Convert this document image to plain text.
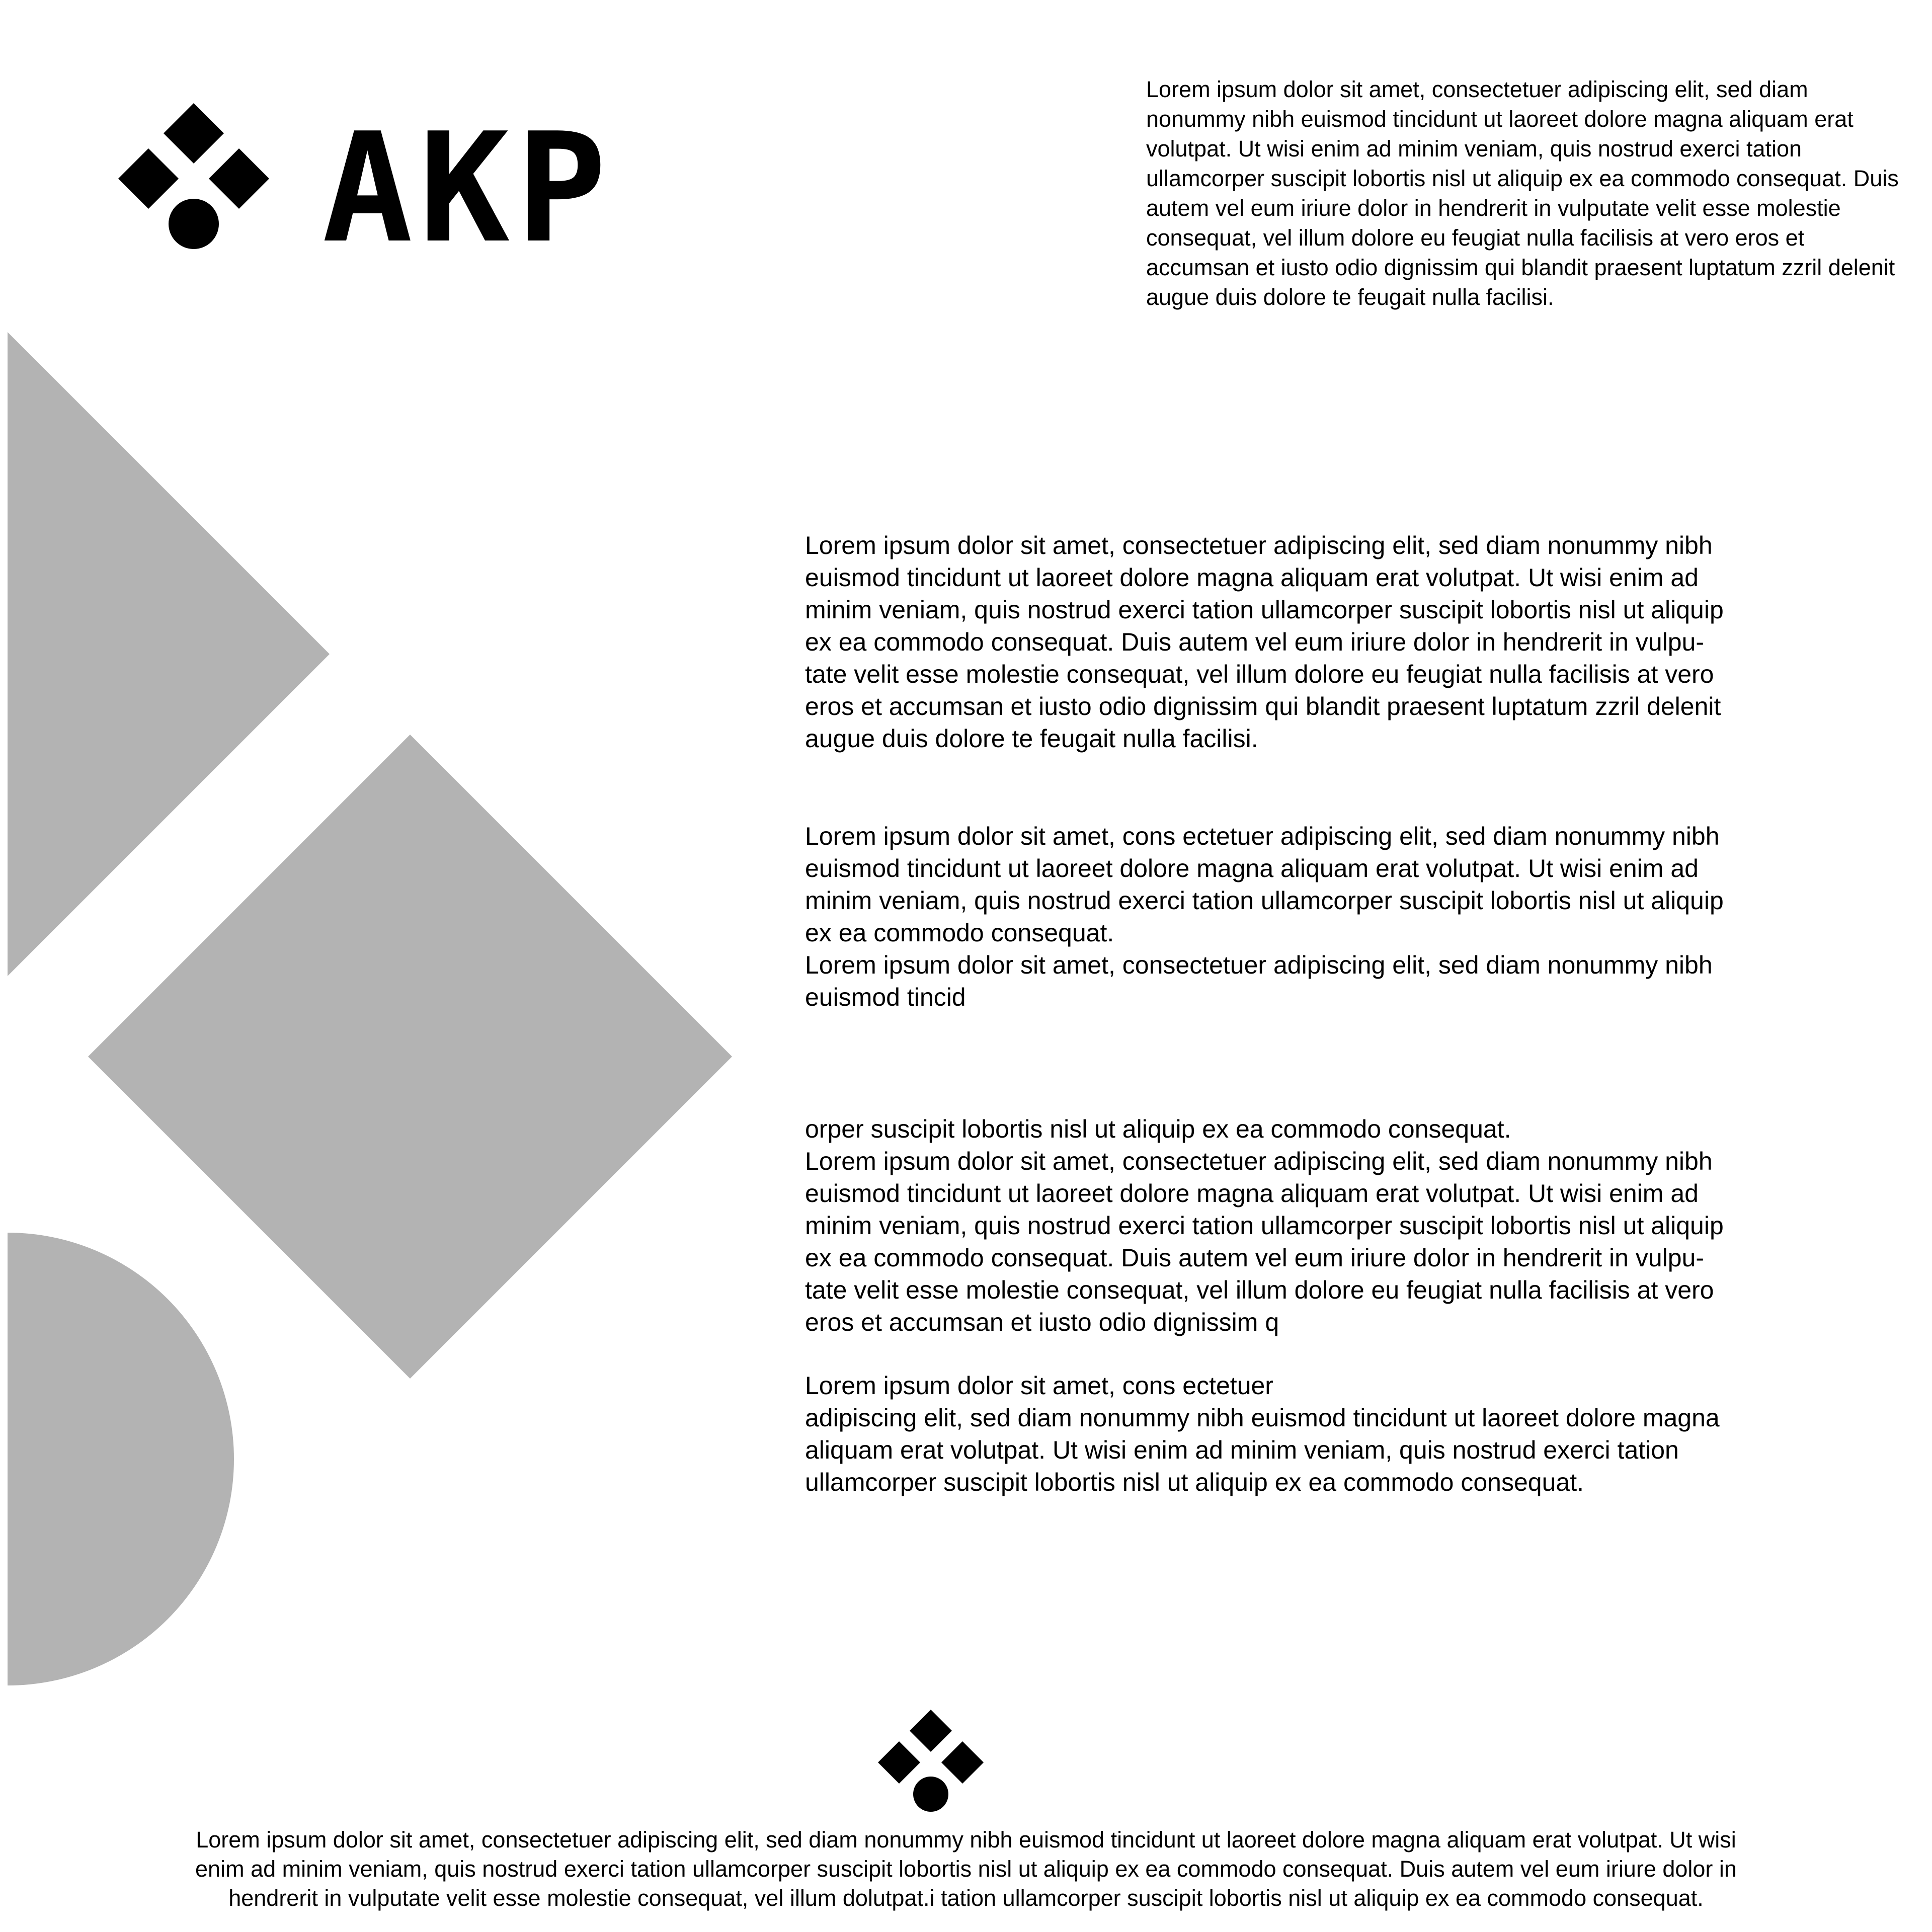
AKP
Lorem ipsum dolor sit amet, consectetuer adipiscing elit, sed diam nonummy nibh euismod tincidunt ut laoreet dolore magna aliquam erat volutpat. Ut wisi enim ad minim veniam, quis nostrud exerci tation ullamcorper suscipit lobortis nisl ut aliquip ex ea commodo consequat. Duis autem vel eum iriure dolor in hendrerit in vulputate velit esse molestie consequat, vel illum dolore eu feugiat nulla facilisis at vero eros et accumsan et iusto odio dignissim qui blandit praesent luptatum zzril delenit augue duis dolore te feugait nulla facilisi.

Lorem ipsum dolor sit amet, consectetuer adipiscing elit, sed diam nonummy nibh

euismod tincidunt ut laoreet dolore magna aliquam erat volutpat. Ut wisi enim ad

minim veniam, quis nostrud exerci tation ullamcorper suscipit lobortis nisl ut aliquip

ex ea commodo consequat. Duis autem vel eum iriure dolor in hendrerit in vulpu-

tate velit esse molestie consequat, vel illum dolore eu feugiat nulla facilisis at vero

eros et accumsan et iusto odio dignissim qui blandit praesent luptatum zzril delenit

augue duis dolore te feugait nulla facilisi.

Lorem ipsum dolor sit amet, cons ectetuer adipiscing elit, sed diam nonummy nibh

euismod tincidunt ut laoreet dolore magna aliquam erat volutpat. Ut wisi enim ad

minim veniam, quis nostrud exerci tation ullamcorper suscipit lobortis nisl ut aliquip

ex ea commodo consequat.

Lorem ipsum dolor sit amet, consectetuer adipiscing elit, sed diam nonummy nibh

euismod tincid

orper suscipit lobortis nisl ut aliquip ex ea commodo consequat.

Lorem ipsum dolor sit amet, consectetuer adipiscing elit, sed diam nonummy nibh

euismod tincidunt ut laoreet dolore magna aliquam erat volutpat. Ut wisi enim ad

minim veniam, quis nostrud exerci tation ullamcorper suscipit lobortis nisl ut aliquip

ex ea commodo consequat. Duis autem vel eum iriure dolor in hendrerit in vulpu-

tate velit esse molestie consequat, vel illum dolore eu feugiat nulla facilisis at vero

eros et accumsan et iusto odio dignissim q

Lorem ipsum dolor sit amet, cons ectetuer

adipiscing elit, sed diam nonummy nibh euismod tincidunt ut laoreet dolore magna

aliquam erat volutpat. Ut wisi enim ad minim veniam, quis nostrud exerci tation

ullamcorper suscipit lobortis nisl ut aliquip ex ea commodo consequat.

Lorem ipsum dolor sit amet, consectetuer adipiscing elit, sed diam nonummy nibh euismod tincidunt ut laoreet dolore magna aliquam erat volutpat. Ut wisi
enim ad minim veniam, quis nostrud exerci tation ullamcorper suscipit lobortis nisl ut aliquip ex ea commodo consequat. Duis autem vel eum iriure dolor in
hendrerit in vulputate velit esse molestie consequat, vel illum dolutpat.i tation ullamcorper suscipit lobortis nisl ut aliquip ex ea commodo consequat.
